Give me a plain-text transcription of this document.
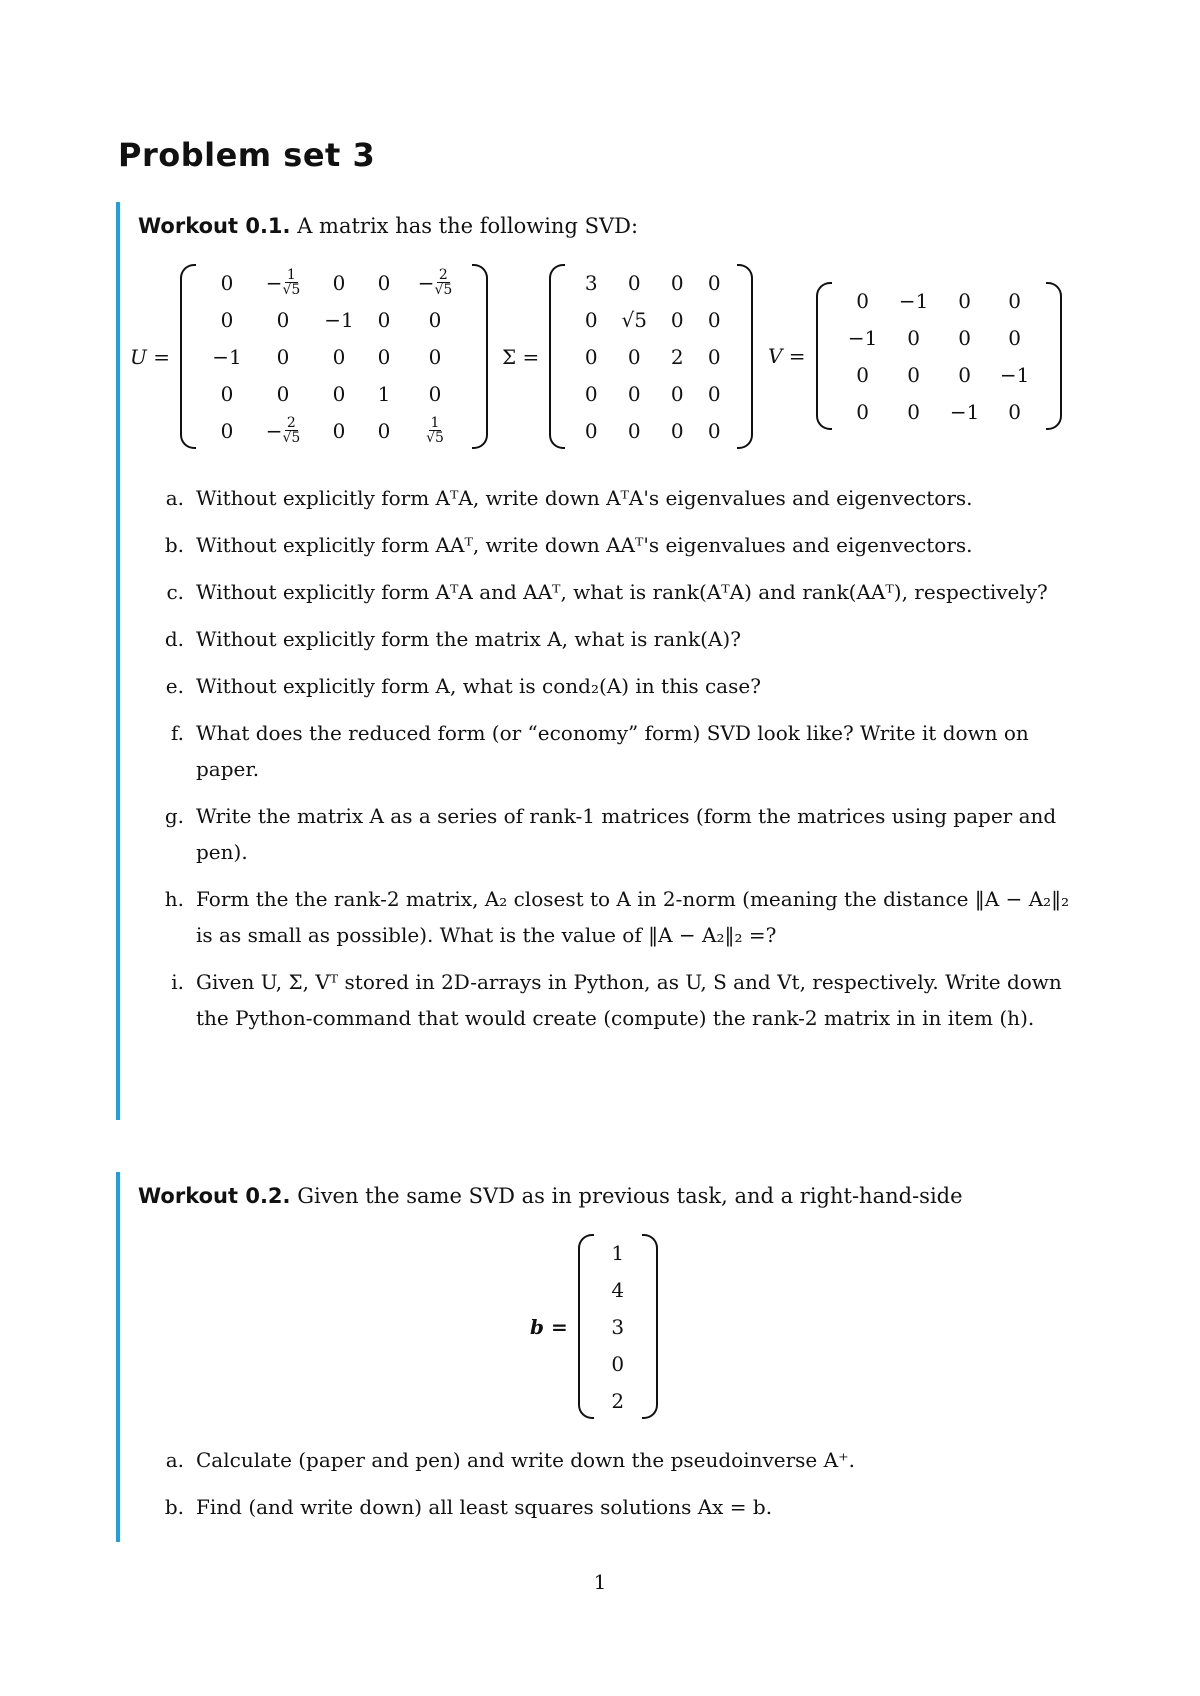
Problem set 3
Workout 0.1. A matrix has the following SVD:
U =
0	− $\frac{1}{√5}$	0	0	− $\frac{2}{√5}$
0	0	−1	0	0
−1	0	0	0	0
0	0	0	1	0
0	− $\frac{2}{√5}$	0	0	$\frac{1}{√5}$
Σ =
3	0	0	0
0	√5	0	0
0	0	2	0
0	0	0	0
0	0	0	0
V =
0	−1	0	0
−1	0	0	0
0	0	0	−1
0	0	−1	0
a. Without explicitly form AᵀA, write down AᵀA's eigenvalues and eigenvectors.
b. Without explicitly form AAᵀ, write down AAᵀ's eigenvalues and eigenvectors.
c. Without explicitly form AᵀA and AAᵀ, what is rank(AᵀA) and rank(AAᵀ), respectively?
d. Without explicitly form the matrix A, what is rank(A)?
e. Without explicitly form A, what is cond₂(A) in this case?
f. What does the reduced form (or “economy” form) SVD look like? Write it down on paper.
g. Write the matrix A as a series of rank-1 matrices (form the matrices using paper and pen).
h. Form the the rank-2 matrix, A₂ closest to A in 2-norm (meaning the distance ‖A − A₂‖₂ is as small as possible). What is the value of ‖A − A₂‖₂ =?
i. Given U, Σ, Vᵀ stored in 2D-arrays in Python, as U, S and Vt, respectively. Write down the Python-command that would create (compute) the rank-2 matrix in in item (h).
Workout 0.2. Given the same SVD as in previous task, and a right-hand-side
b =
1
4
3
0
2
a. Calculate (paper and pen) and write down the pseudoinverse A⁺.
b. Find (and write down) all least squares solutions Ax = b.
1
